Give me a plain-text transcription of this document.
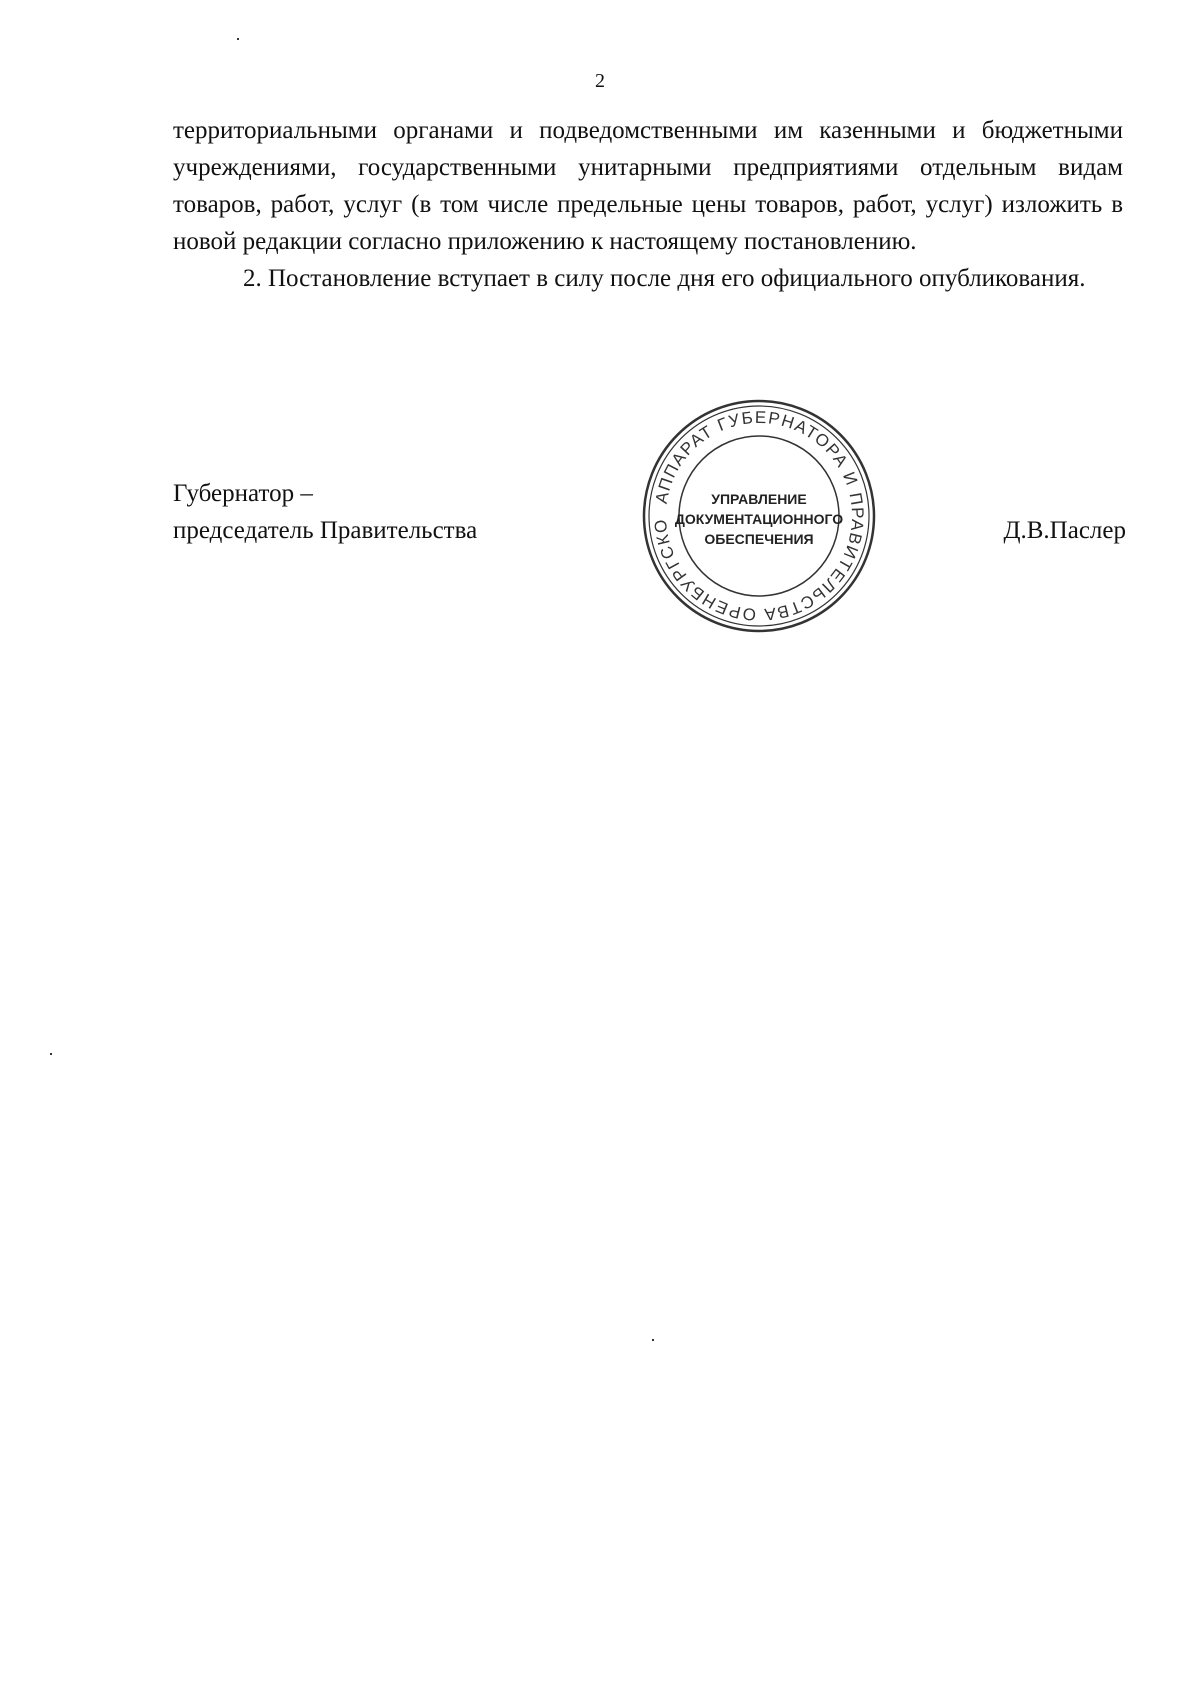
2

территориальными органами и подведомственными им казенными и бюджетными учреждениями, государственными унитарными предприятиями отдельным видам товаров, работ, услуг (в том числе предельные цены товаров, работ, услуг) изложить в новой редакции согласно приложению к настоящему постановлению.

2. Постановление вступает в силу после дня его официального опубликования.

Губернатор –
председатель Правительства
АППАРАТ ГУБЕРНАТОРА И ПРАВИТЕЛЬСТВА ОРЕНБУРГСКО
УПРАВЛЕНИЕ
ДОКУМЕНТАЦИОННОГО
ОБЕСПЕЧЕНИЯ	Д.В.Паслер
